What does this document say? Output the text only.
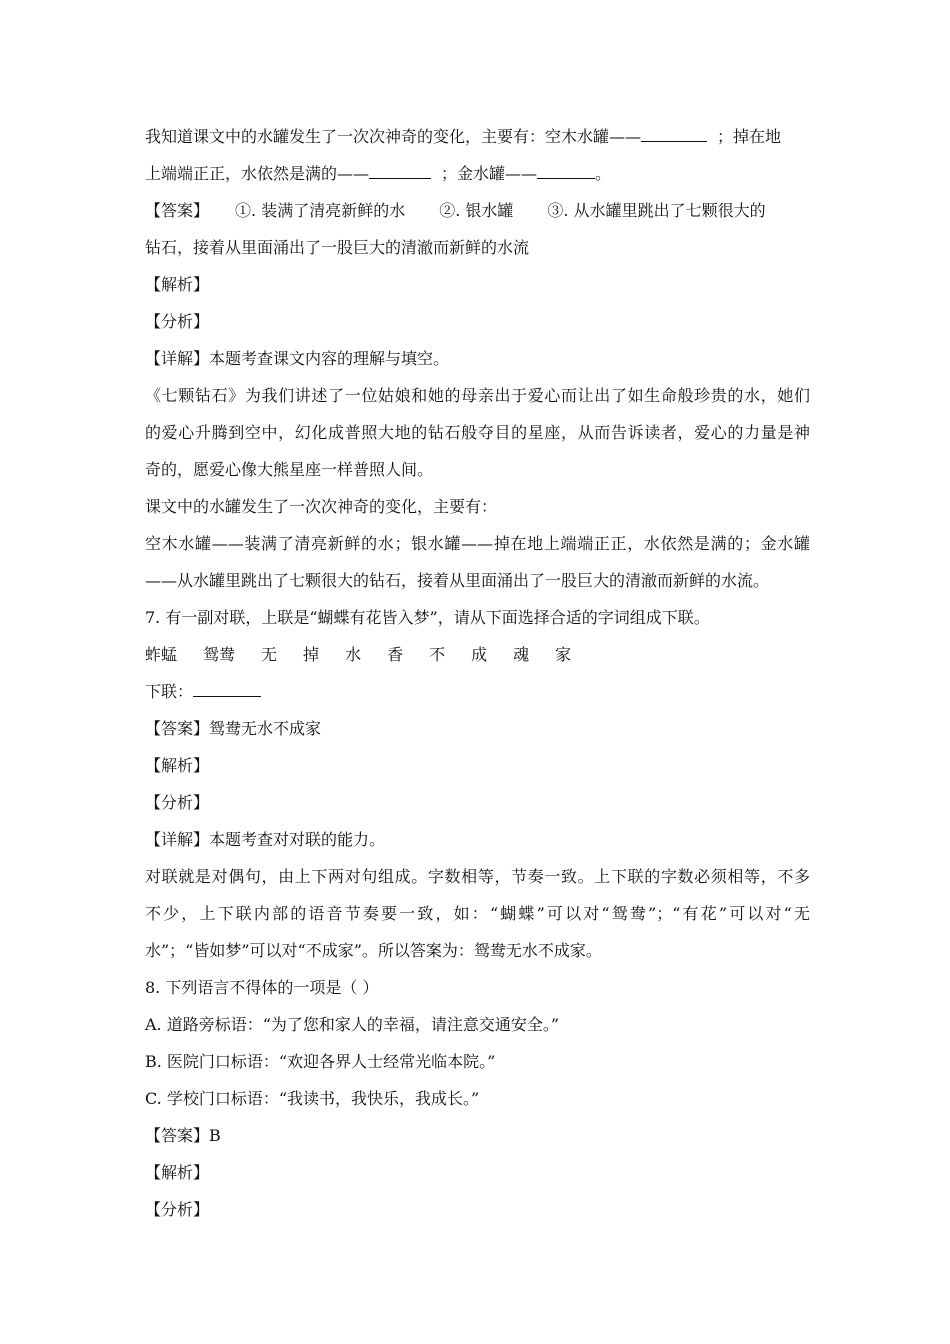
我知道课文中的水罐发生了一次次神奇的变化，主要有：空木水罐——	；掉在地
上端端正正，水依然是满的——	；金水罐——	。
【答案】 ①. 装满了清亮新鲜的水 ②. 银水罐 ③. 从水罐里跳出了七颗很大的
钻石，接着从里面涌出了一股巨大的清澈而新鲜的水流
【解析】
【分析】
【详解】本题考查课文内容的理解与填空。
《七颗钻石》为我们讲述了一位姑娘和她的母亲出于爱心而让出了如生命般珍贵的水，她们
的爱心升腾到空中，幻化成普照大地的钻石般夺目的星座，从而告诉读者，爱心的力量是神
奇的，愿爱心像大熊星座一样普照人间。
课文中的水罐发生了一次次神奇的变化，主要有：
空木水罐——装满了清亮新鲜的水；银水罐——掉在地上端端正正，水依然是满的；金水罐
——从水罐里跳出了七颗很大的钻石，接着从里面涌出了一股巨大的清澈而新鲜的水流。
7. 有一副对联，上联是“蝴蝶有花皆入梦”，请从下面选择合适的字词组成下联。
蚱蜢 鸳鸯 无 掉 水 香 不 成 魂 家
下联：
【答案】鸳鸯无水不成家
【解析】
【分析】
【详解】本题考查对对联的能力。
对联就是对偶句，由上下两对句组成。字数相等，节奏一致。上下联的字数必须相等，不多
不少，上下联内部的语音节奏要一致，如：“蝴蝶”可以对“鸳鸯”；“有花”可以对“无
水”；“皆如梦”可以对“不成家”。所以答案为：鸳鸯无水不成家。
8. 下列语言不得体的一项是（ ）
A. 道路旁标语：“为了您和家人的幸福，请注意交通安全。”
B. 医院门口标语：“欢迎各界人士经常光临本院。”
C. 学校门口标语：“我读书，我快乐，我成长。”
【答案】B
【解析】
【分析】
